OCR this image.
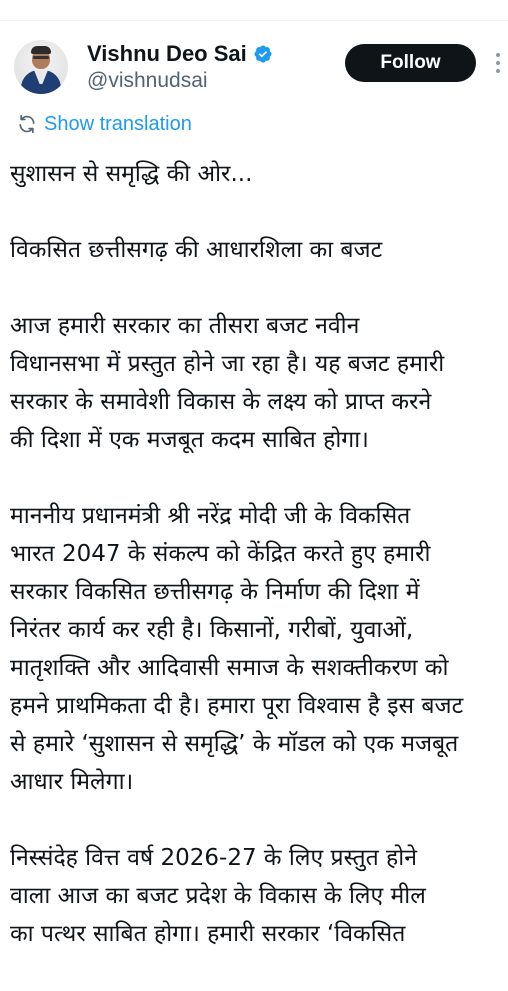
Vishnu Deo Sai
@vishnudsai
Follow
Show translation

सुशासन से समृद्धि की ओर...

विकसित छत्तीसगढ़ की आधारशिला का बजट

आज हमारी सरकार का तीसरा बजट नवीन
विधानसभा में प्रस्तुत होने जा रहा है। यह बजट हमारी
सरकार के समावेशी विकास के लक्ष्य को प्राप्त करने
की दिशा में एक मजबूत कदम साबित होगा।

माननीय प्रधानमंत्री श्री नरेंद्र मोदी जी के विकसित
भारत 2047 के संकल्प को केंद्रित करते हुए हमारी
सरकार विकसित छत्तीसगढ़ के निर्माण की दिशा में
निरंतर कार्य कर रही है। किसानों, गरीबों, युवाओं,
मातृशक्ति और आदिवासी समाज के सशक्तीकरण को
हमने प्राथमिकता दी है। हमारा पूरा विश्वास है इस बजट
से हमारे ‘सुशासन से समृद्धि’ के मॉडल को एक मजबूत
आधार मिलेगा।

निस्संदेह वित्त वर्ष 2026-27 के लिए प्रस्तुत होने
वाला आज का बजट प्रदेश के विकास के लिए मील
का पत्थर साबित होगा। हमारी सरकार ‘विकसित
